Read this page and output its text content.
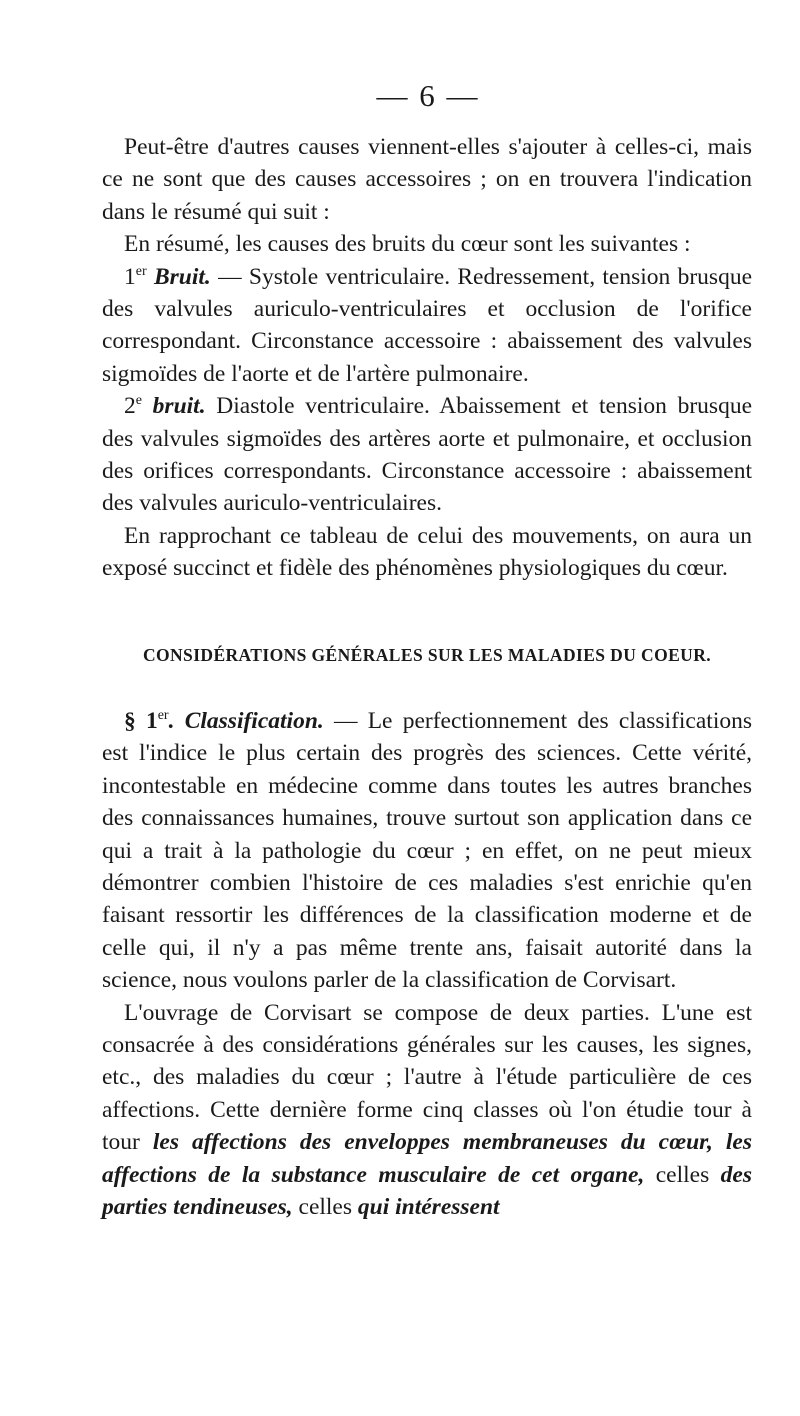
— 6 —

Peut-être d'autres causes viennent-elles s'ajouter à celles-ci, mais ce ne sont que des causes accessoires ; on en trouvera l'indication dans le résumé qui suit :

En résumé, les causes des bruits du cœur sont les suivantes :

1er Bruit. — Systole ventriculaire. Redressement, tension brusque des valvules auriculo-ventriculaires et occlusion de l'orifice correspondant. Circonstance accessoire : abaissement des valvules sigmoïdes de l'aorte et de l'artère pulmonaire.

2e bruit. Diastole ventriculaire. Abaissement et tension brusque des valvules sigmoïdes des artères aorte et pulmonaire, et occlusion des orifices correspondants. Circonstance accessoire : abaissement des valvules auriculo-ventriculaires.

En rapprochant ce tableau de celui des mouvements, on aura un exposé succinct et fidèle des phénomènes physiologiques du cœur.

CONSIDÉRATIONS GÉNÉRALES SUR LES MALADIES DU COEUR.

§ 1er. Classification. — Le perfectionnement des classifications est l'indice le plus certain des progrès des sciences. Cette vérité, incontestable en médecine comme dans toutes les autres branches des connaissances humaines, trouve surtout son application dans ce qui a trait à la pathologie du cœur ; en effet, on ne peut mieux démontrer combien l'histoire de ces maladies s'est enrichie qu'en faisant ressortir les différences de la classification moderne et de celle qui, il n'y a pas même trente ans, faisait autorité dans la science, nous voulons parler de la classification de Corvisart.

L'ouvrage de Corvisart se compose de deux parties. L'une est consacrée à des considérations générales sur les causes, les signes, etc., des maladies du cœur ; l'autre à l'étude particulière de ces affections. Cette dernière forme cinq classes où l'on étudie tour à tour les affections des enveloppes membraneuses du cœur, les affections de la substance musculaire de cet organe, celles des parties tendineuses, celles qui intéressent
